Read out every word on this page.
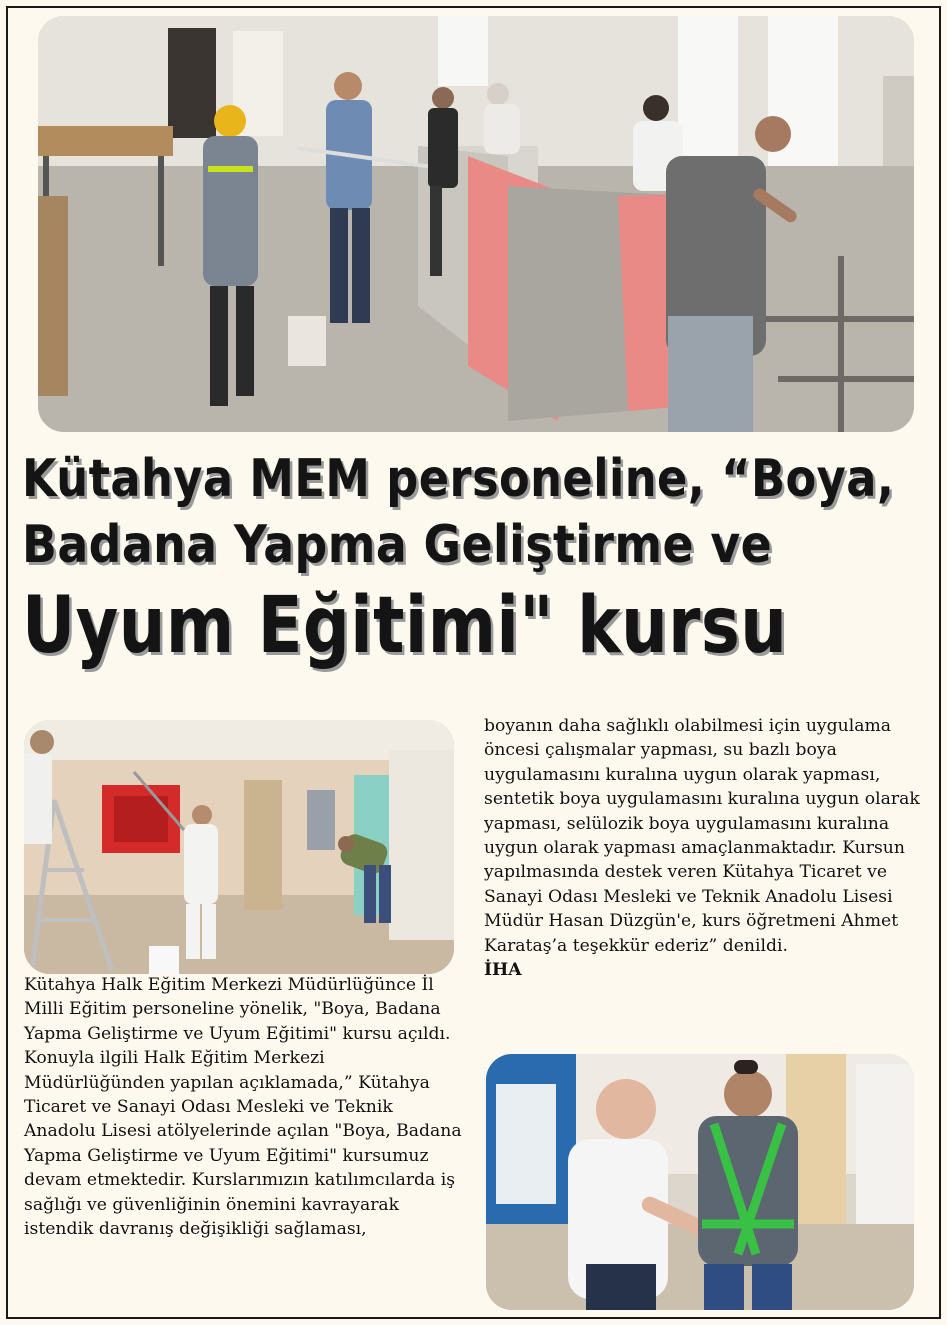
Kütahya MEM personeline, “Boya,
Badana Yapma Geliştirme ve
Uyum Eğitimi" kursu

Kütahya Halk Eğitim Merkezi Müdürlüğünce İl Milli Eğitim personeline yönelik, "Boya, Badana Yapma Geliştirme ve Uyum Eğitimi" kursu açıldı. Konuyla ilgili Halk Eğitim Merkezi Müdürlüğünden yapılan açıklamada,” Kütahya Ticaret ve Sanayi Odası Mesleki ve Teknik Anadolu Lisesi atölyelerinde açılan "Boya, Badana Yapma Geliştirme ve Uyum Eğitimi" kursumuz devam etmektedir. Kurslarımızın katılımcılarda iş sağlığı ve güvenliğinin önemini kavrayarak istendik davranış değişikliği sağlaması,

boyanın daha sağlıklı olabilmesi için uygulama öncesi çalışmalar yapması, su bazlı boya uygulamasını kuralına uygun olarak yapması, sentetik boya uygulamasını kuralına uygun olarak yapması, selülozik boya uygulamasını kuralına uygun olarak yapması amaçlanmaktadır. Kursun yapılmasında destek veren Kütahya Ticaret ve Sanayi Odası Mesleki ve Teknik Anadolu Lisesi Müdür Hasan Düzgün'e, kurs öğretmeni Ahmet Karataş’a teşekkür ederiz” denildi.

İHA
